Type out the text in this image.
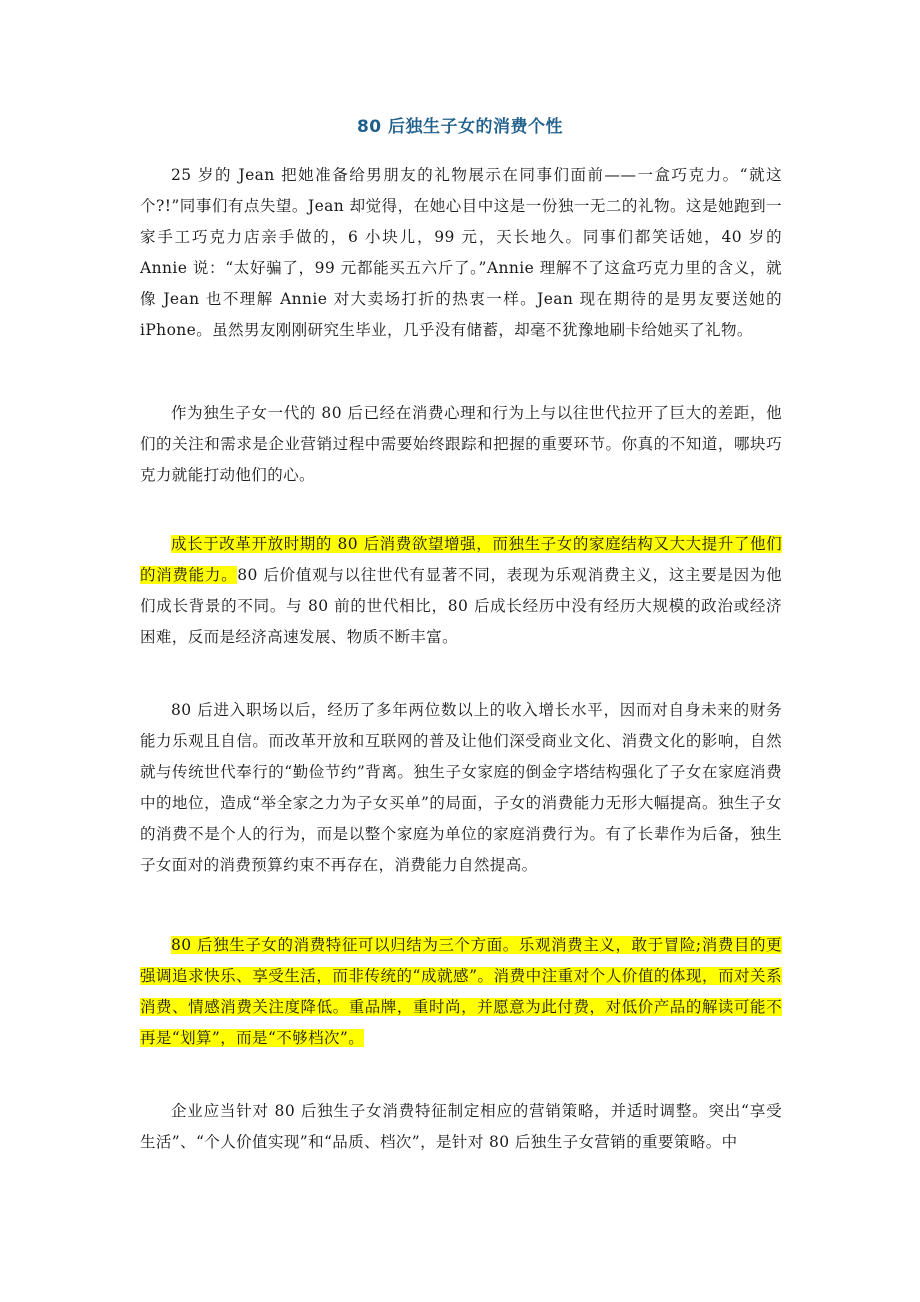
80 后独生子女的消费个性

25 岁的 Jean 把她准备给男朋友的礼物展示在同事们面前——一盒巧克力。“就这个?!”同事们有点失望。Jean 却觉得，在她心目中这是一份独一无二的礼物。这是她跑到一家手工巧克力店亲手做的，6 小块儿，99 元，天长地久。同事们都笑话她，40 岁的 Annie 说：“太好骗了，99 元都能买五六斤了。”Annie 理解不了这盒巧克力里的含义，就像 Jean 也不理解 Annie 对大卖场打折的热衷一样。Jean 现在期待的是男友要送她的 iPhone。虽然男友刚刚研究生毕业，几乎没有储蓄，却毫不犹豫地刷卡给她买了礼物。

作为独生子女一代的 80 后已经在消费心理和行为上与以往世代拉开了巨大的差距，他们的关注和需求是企业营销过程中需要始终跟踪和把握的重要环节。你真的不知道，哪块巧克力就能打动他们的心。

成长于改革开放时期的 80 后消费欲望增强，而独生子女的家庭结构又大大提升了他们的消费能力。80 后价值观与以往世代有显著不同，表现为乐观消费主义，这主要是因为他们成长背景的不同。与 80 前的世代相比，80 后成长经历中没有经历大规模的政治或经济困难，反而是经济高速发展、物质不断丰富。

80 后进入职场以后，经历了多年两位数以上的收入增长水平，因而对自身未来的财务能力乐观且自信。而改革开放和互联网的普及让他们深受商业文化、消费文化的影响，自然就与传统世代奉行的“勤俭节约”背离。独生子女家庭的倒金字塔结构强化了子女在家庭消费中的地位，造成“举全家之力为子女买单”的局面，子女的消费能力无形大幅提高。独生子女的消费不是个人的行为，而是以整个家庭为单位的家庭消费行为。有了长辈作为后备，独生子女面对的消费预算约束不再存在，消费能力自然提高。

80 后独生子女的消费特征可以归结为三个方面。乐观消费主义，敢于冒险;消费目的更强调追求快乐、享受生活，而非传统的“成就感”。消费中注重对个人价值的体现，而对关系消费、情感消费关注度降低。重品牌，重时尚，并愿意为此付费，对低价产品的解读可能不再是“划算”，而是“不够档次”。

企业应当针对 80 后独生子女消费特征制定相应的营销策略，并适时调整。突出“享受生活”、“个人价值实现”和“品质、档次”，是针对 80 后独生子女营销的重要策略。中
